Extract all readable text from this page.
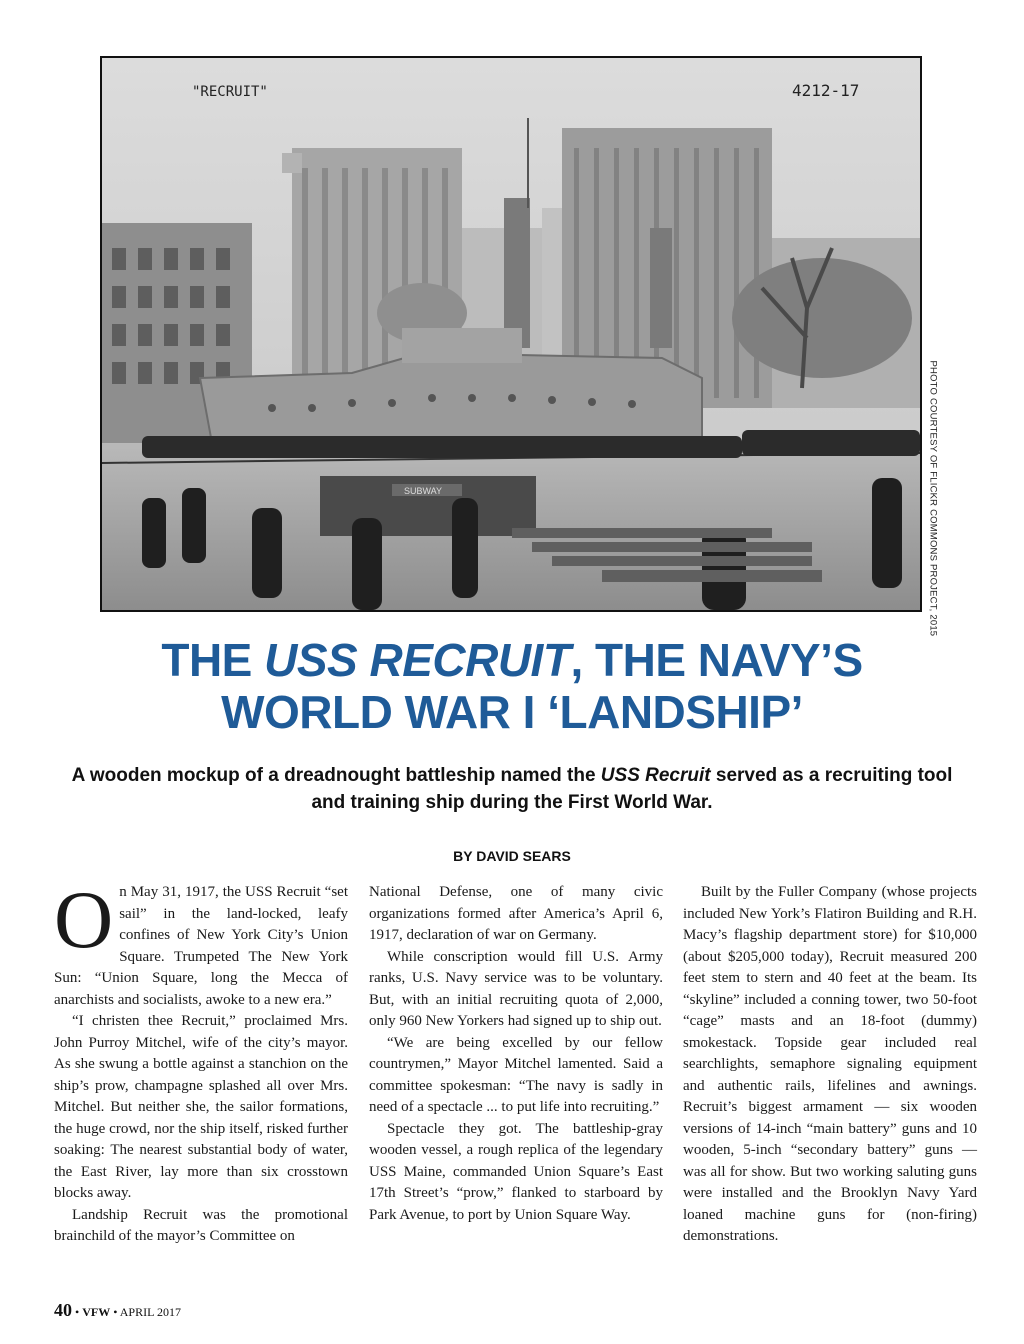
"RECRUIT"	4212-17
SUBWAY	PHOTO COURTESY OF FLICKR COMMONS PROJECT, 2015
THE USS RECRUIT, THE NAVY’S
WORLD WAR I ‘LANDSHIP’
A wooden mockup of a dreadnought battleship named the USS Recruit served as a recruiting tool and training ship during the First World War.
BY DAVID SEARS

On May 31, 1917, the USS Recruit “set sail” in the land-locked, leafy confines of New York City’s Union Square. Trumpeted The New York Sun: “Union Square, long the Mecca of anarchists and socialists, awoke to a new era.”

“I christen thee Recruit,” proclaimed Mrs. John Purroy Mitchel, wife of the city’s mayor. As she swung a bottle against a stanchion on the ship’s prow, champagne splashed all over Mrs. Mitchel. But neither she, the sailor formations, the huge crowd, nor the ship itself, risked further soaking: The nearest substantial body of water, the East River, lay more than six crosstown blocks away.

Landship Recruit was the promotional brainchild of the mayor’s Committee on

National Defense, one of many civic organizations formed after America’s April 6, 1917, declaration of war on Germany.

While conscription would fill U.S. Army ranks, U.S. Navy service was to be voluntary. But, with an initial recruiting quota of 2,000, only 960 New Yorkers had signed up to ship out.

“We are being excelled by our fellow countrymen,” Mayor Mitchel lamented. Said a committee spokesman: “The navy is sadly in need of a spectacle ... to put life into recruiting.”

Spectacle they got. The battleship-gray wooden vessel, a rough replica of the legendary USS Maine, commanded Union Square’s East 17th Street’s “prow,” flanked to starboard by Park Avenue, to port by Union Square Way.

Built by the Fuller Company (whose projects included New York’s Flatiron Building and R.H. Macy’s flagship department store) for $10,000 (about $205,000 today), Recruit measured 200 feet stem to stern and 40 feet at the beam. Its “skyline” included a conning tower, two 50-foot “cage” masts and an 18-foot (dummy) smokestack. Topside gear included real searchlights, semaphore signaling equipment and authentic rails, lifelines and awnings. Recruit’s biggest armament — six wooden versions of 14-inch “main battery” guns and 10 wooden, 5-inch “secondary battery” guns — was all for show. But two working saluting guns were installed and the Brooklyn Navy Yard loaned machine guns for (non-firing) demonstrations.

40 • VFW • APRIL 2017
